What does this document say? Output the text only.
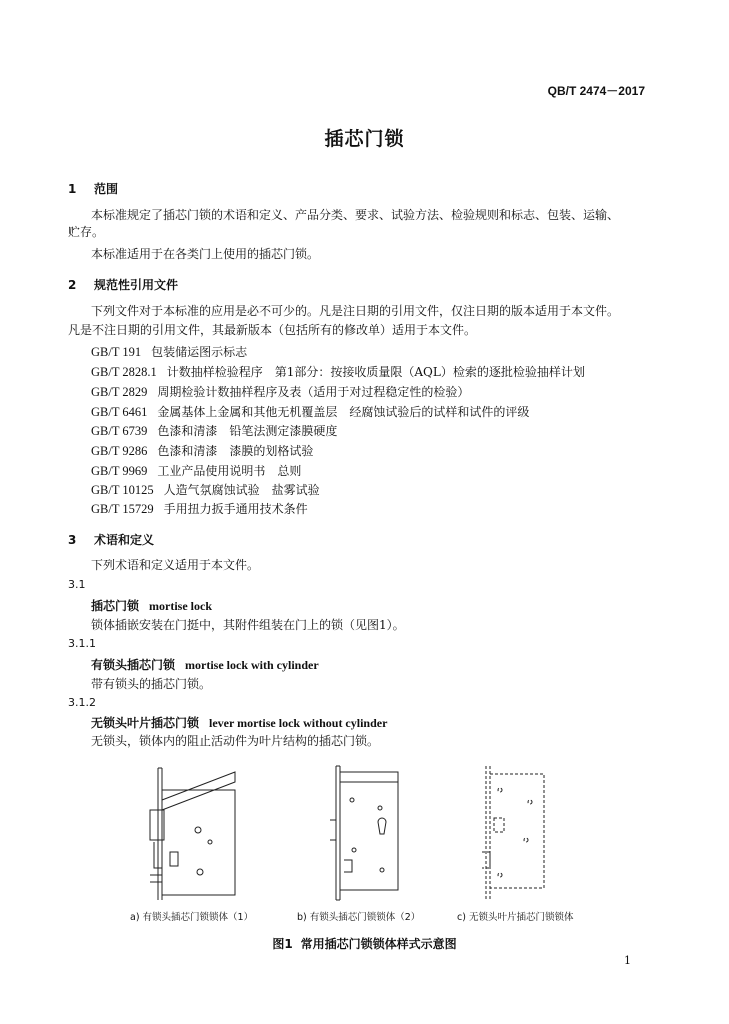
QB/T 2474－2017
插芯门锁
1 范围
本标准规定了插芯门锁的术语和定义、产品分类、要求、试验方法、检验规则和标志、包装、运输、
贮存。
本标准适用于在各类门上使用的插芯门锁。
2 规范性引用文件
下列文件对于本标准的应用是必不可少的。凡是注日期的引用文件，仅注日期的版本适用于本文件。
凡是不注日期的引用文件，其最新版本（包括所有的修改单）适用于本文件。
GB/T 191 包装储运图示标志
GB/T 2828.1 计数抽样检验程序　第1部分：按接收质量限（AQL）检索的逐批检验抽样计划
GB/T 2829 周期检验计数抽样程序及表（适用于对过程稳定性的检验）
GB/T 6461 金属基体上金属和其他无机覆盖层　经腐蚀试验后的试样和试件的评级
GB/T 6739 色漆和清漆　铅笔法测定漆膜硬度
GB/T 9286 色漆和清漆　漆膜的划格试验
GB/T 9969 工业产品使用说明书　总则
GB/T 10125 人造气氛腐蚀试验　盐雾试验
GB/T 15729 手用扭力扳手通用技术条件
3 术语和定义
下列术语和定义适用于本文件。
3.1
插芯门锁 mortise lock
锁体插嵌安装在门挺中，其附件组装在门上的锁（见图1）。
3.1.1
有锁头插芯门锁 mortise lock with cylinder
带有锁头的插芯门锁。
3.1.2
无锁头叶片插芯门锁 lever mortise lock without cylinder
无锁头，锁体内的阻止活动件为叶片结构的插芯门锁。
a) 有锁头插芯门锁锁体（1）	b) 有锁头插芯门锁锁体（2）	c) 无锁头叶片插芯门锁锁体
图1 常用插芯门锁锁体样式示意图
1
